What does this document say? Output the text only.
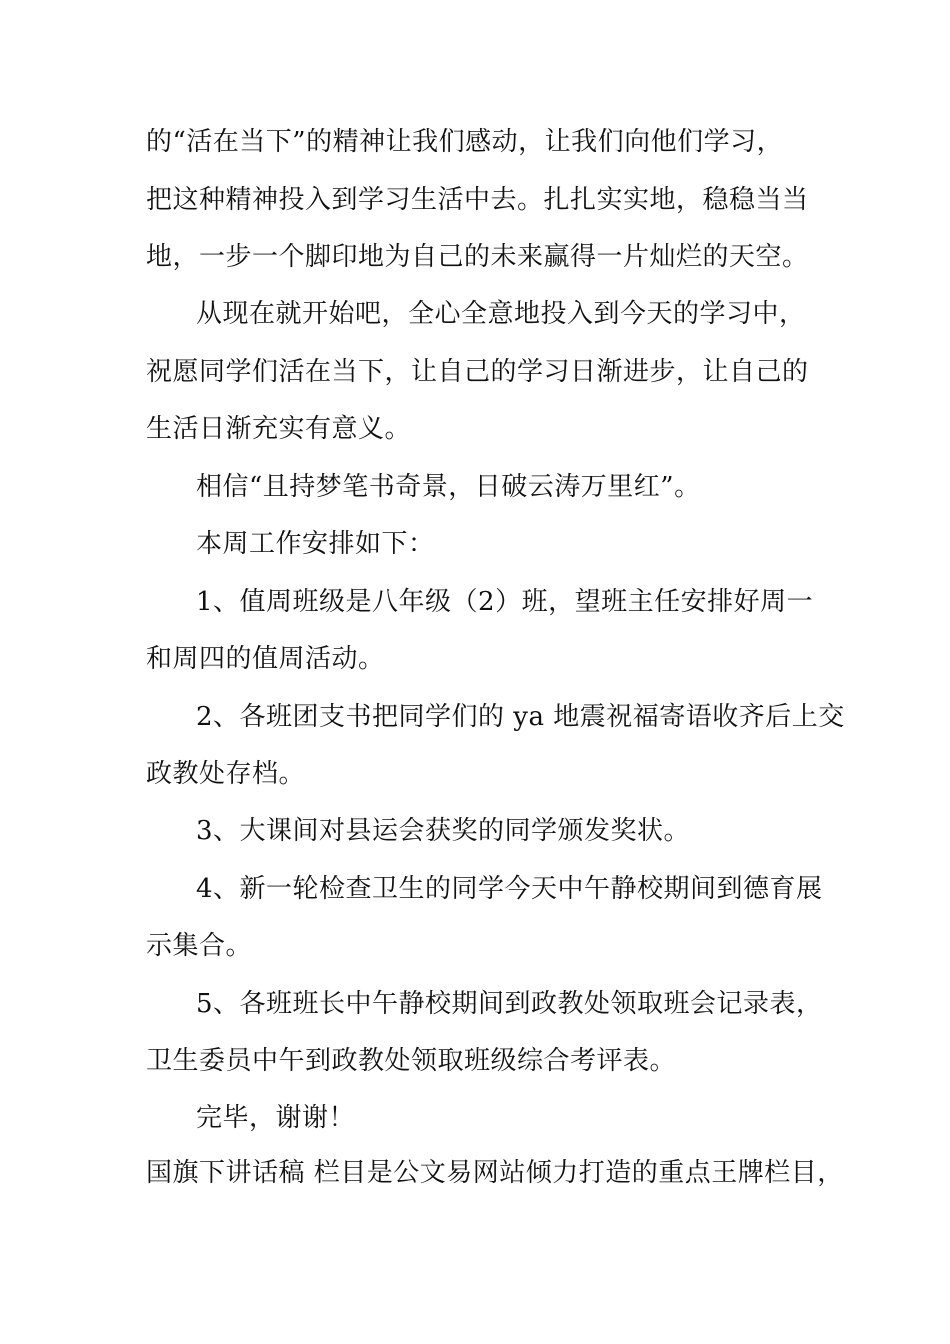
的“活在当下”的精神让我们感动，让我们向他们学习，
把这种精神投入到学习生活中去。扎扎实实地，稳稳当当
地，一步一个脚印地为自己的未来赢得一片灿烂的天空。
从现在就开始吧，全心全意地投入到今天的学习中，
祝愿同学们活在当下，让自己的学习日渐进步，让自己的
生活日渐充实有意义。
相信“且持梦笔书奇景，日破云涛万里红”。
本周工作安排如下：
1、值周班级是八年级（2）班，望班主任安排好周一
和周四的值周活动。
2、各班团支书把同学们的 ya 地震祝福寄语收齐后上交
政教处存档。
3、大课间对县运会获奖的同学颁发奖状。
4、新一轮检查卫生的同学今天中午静校期间到德育展
示集合。
5、各班班长中午静校期间到政教处领取班会记录表，
卫生委员中午到政教处领取班级综合考评表。
完毕，谢谢！
国旗下讲话稿 栏目是公文易网站倾力打造的重点王牌栏目，
